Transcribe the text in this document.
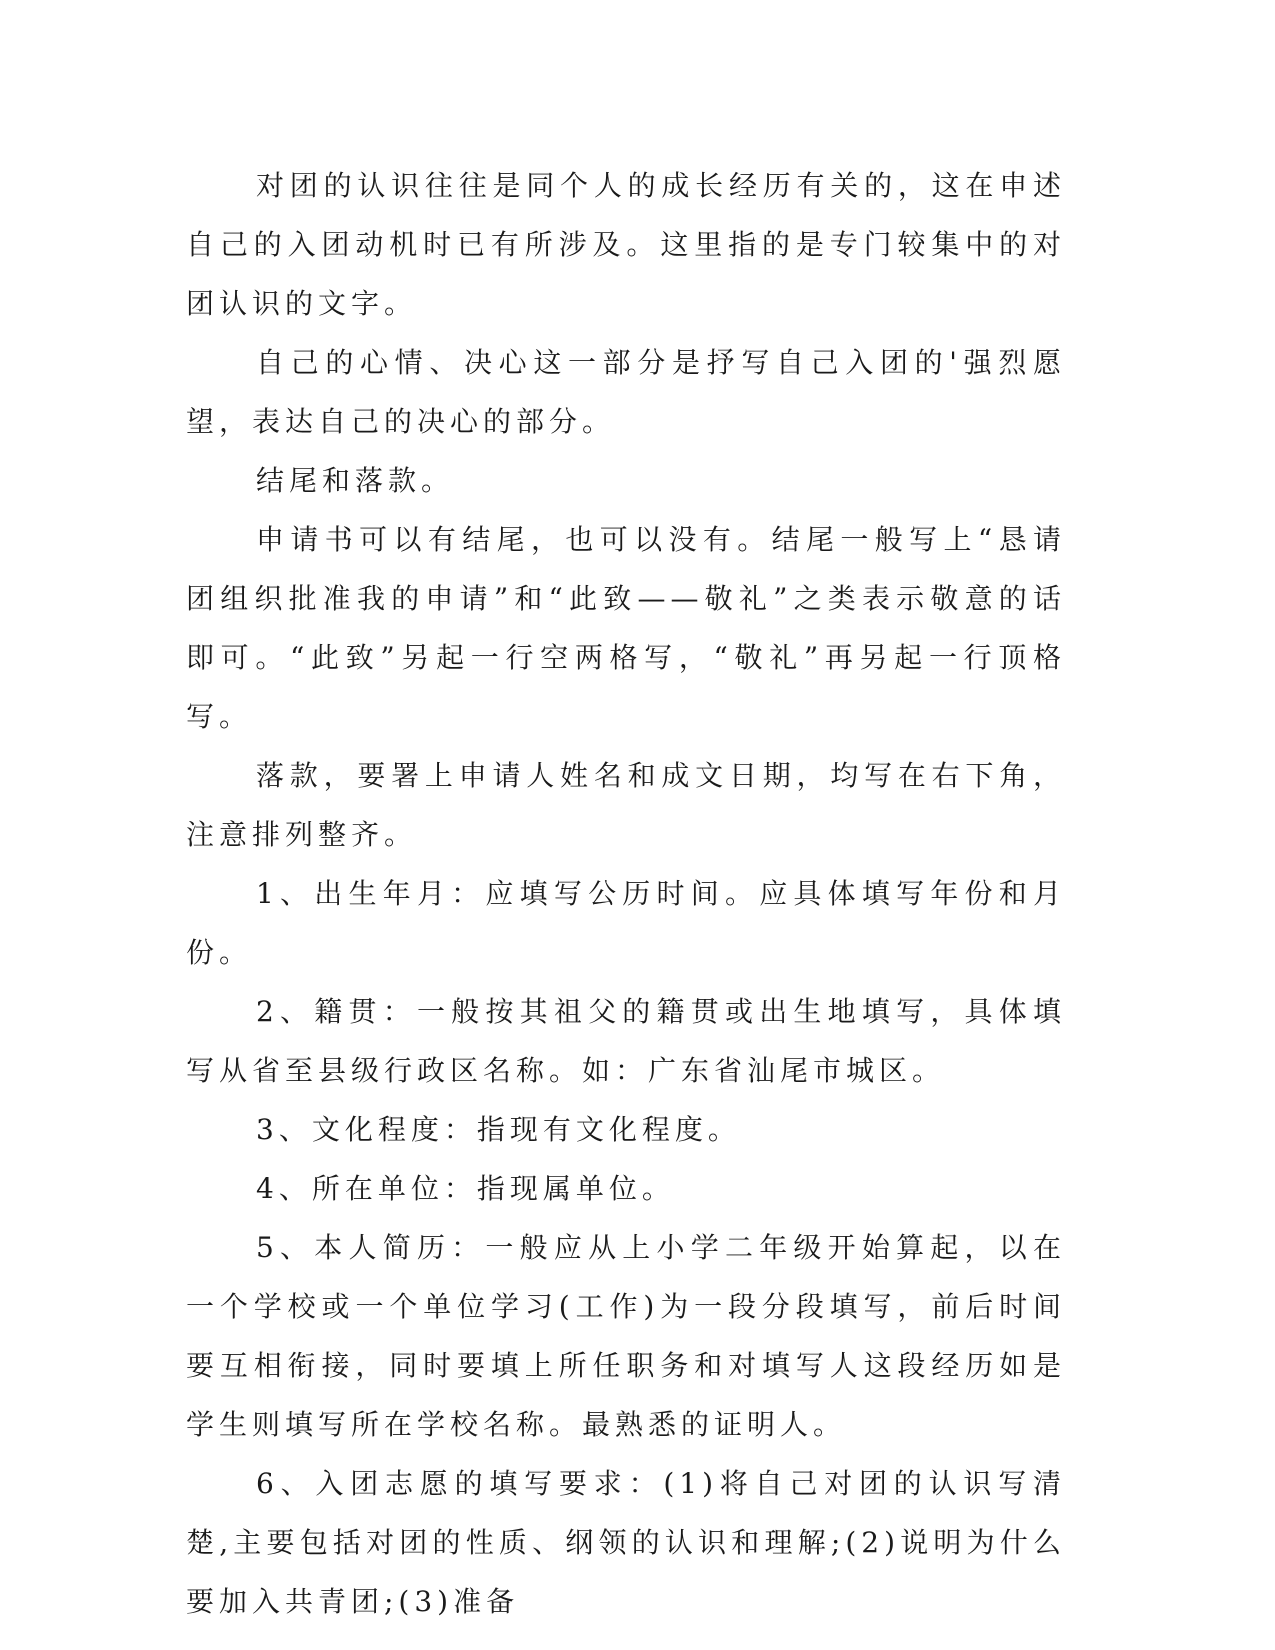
对团的认识往往是同个人的成长经历有关的，这在申述自己的入团动机时已有所涉及。这里指的是专门较集中的对团认识的文字。

自己的心情、决心这一部分是抒写自己入团的'强烈愿望，表达自己的决心的部分。

结尾和落款。

申请书可以有结尾，也可以没有。结尾一般写上“恳请团组织批准我的申请”和“此致——敬礼”之类表示敬意的话即可。“此致”另起一行空两格写，“敬礼”再另起一行顶格写。

落款，要署上申请人姓名和成文日期，均写在右下角，注意排列整齐。

1、出生年月：应填写公历时间。应具体填写年份和月份。

2、籍贯：一般按其祖父的籍贯或出生地填写，具体填写从省至县级行政区名称。如：广东省汕尾市城区。

3、文化程度：指现有文化程度。

4、所在单位：指现属单位。

5、本人简历：一般应从上小学二年级开始算起，以在一个学校或一个单位学习(工作)为一段分段填写，前后时间要互相衔接，同时要填上所任职务和对填写人这段经历如是学生则填写所在学校名称。最熟悉的证明人。

6、入团志愿的填写要求：(1)将自己对团的认识写清楚,主要包括对团的性质、纲领的认识和理解;(2)说明为什么要加入共青团;(3)准备
